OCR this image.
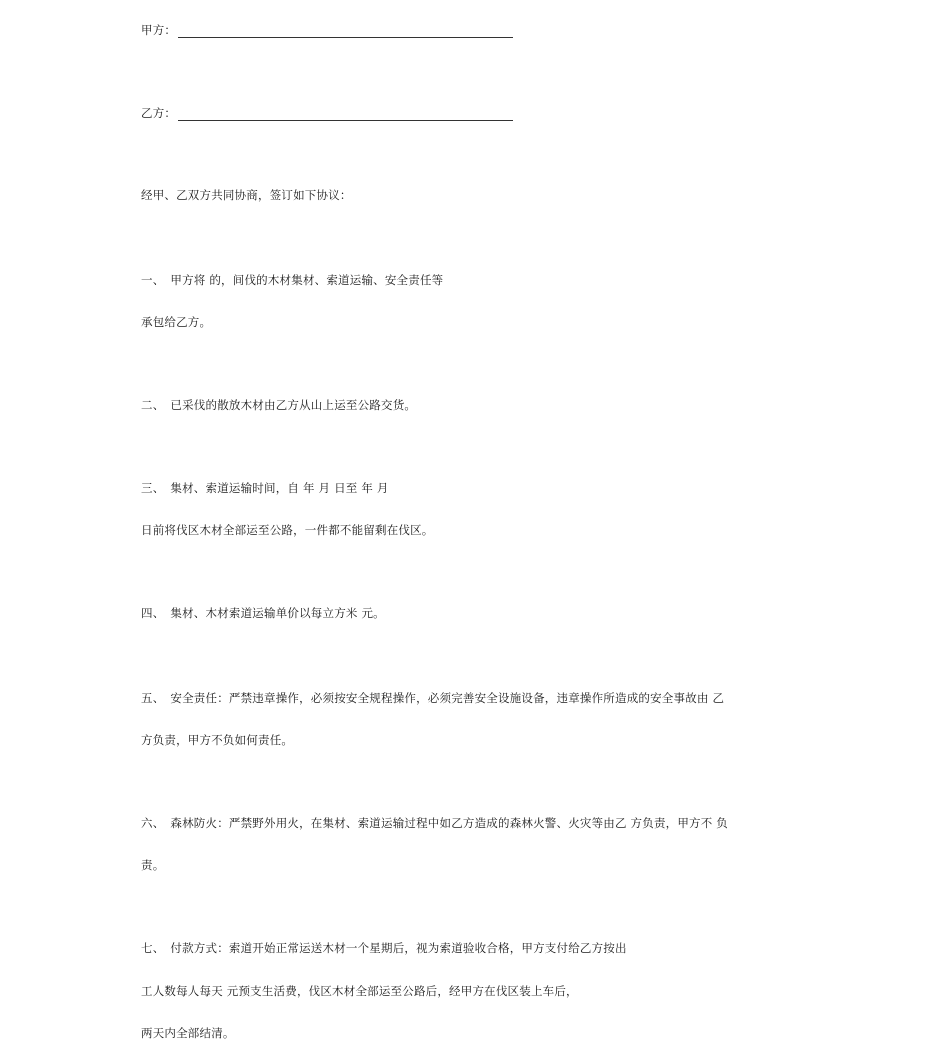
甲方：
乙方：
经甲、乙双方共同协商，签订如下协议：
一、 甲方将 的，间伐的木材集材、索道运输、安全责任等
承包给乙方。
二、 已采伐的散放木材由乙方从山上运至公路交货。
三、 集材、索道运输时间，自 年 月 日至 年 月
日前将伐区木材全部运至公路，一件都不能留剩在伐区。
四、 集材、木材索道运输单价以每立方米 元。
五、 安全责任：严禁违章操作，必须按安全规程操作，必须完善安全设施设备，违章操作所造成的安全事故由 乙
方负责，甲方不负如何责任。
六、 森林防火：严禁野外用火，在集材、索道运输过程中如乙方造成的森林火警、火灾等由乙 方负责，甲方不 负
责。
七、 付款方式：索道开始正常运送木材一个星期后，视为索道验收合格，甲方支付给乙方按出
工人数每人每天 元预支生活费，伐区木材全部运至公路后，经甲方在伐区装上车后，
两天内全部结清。
